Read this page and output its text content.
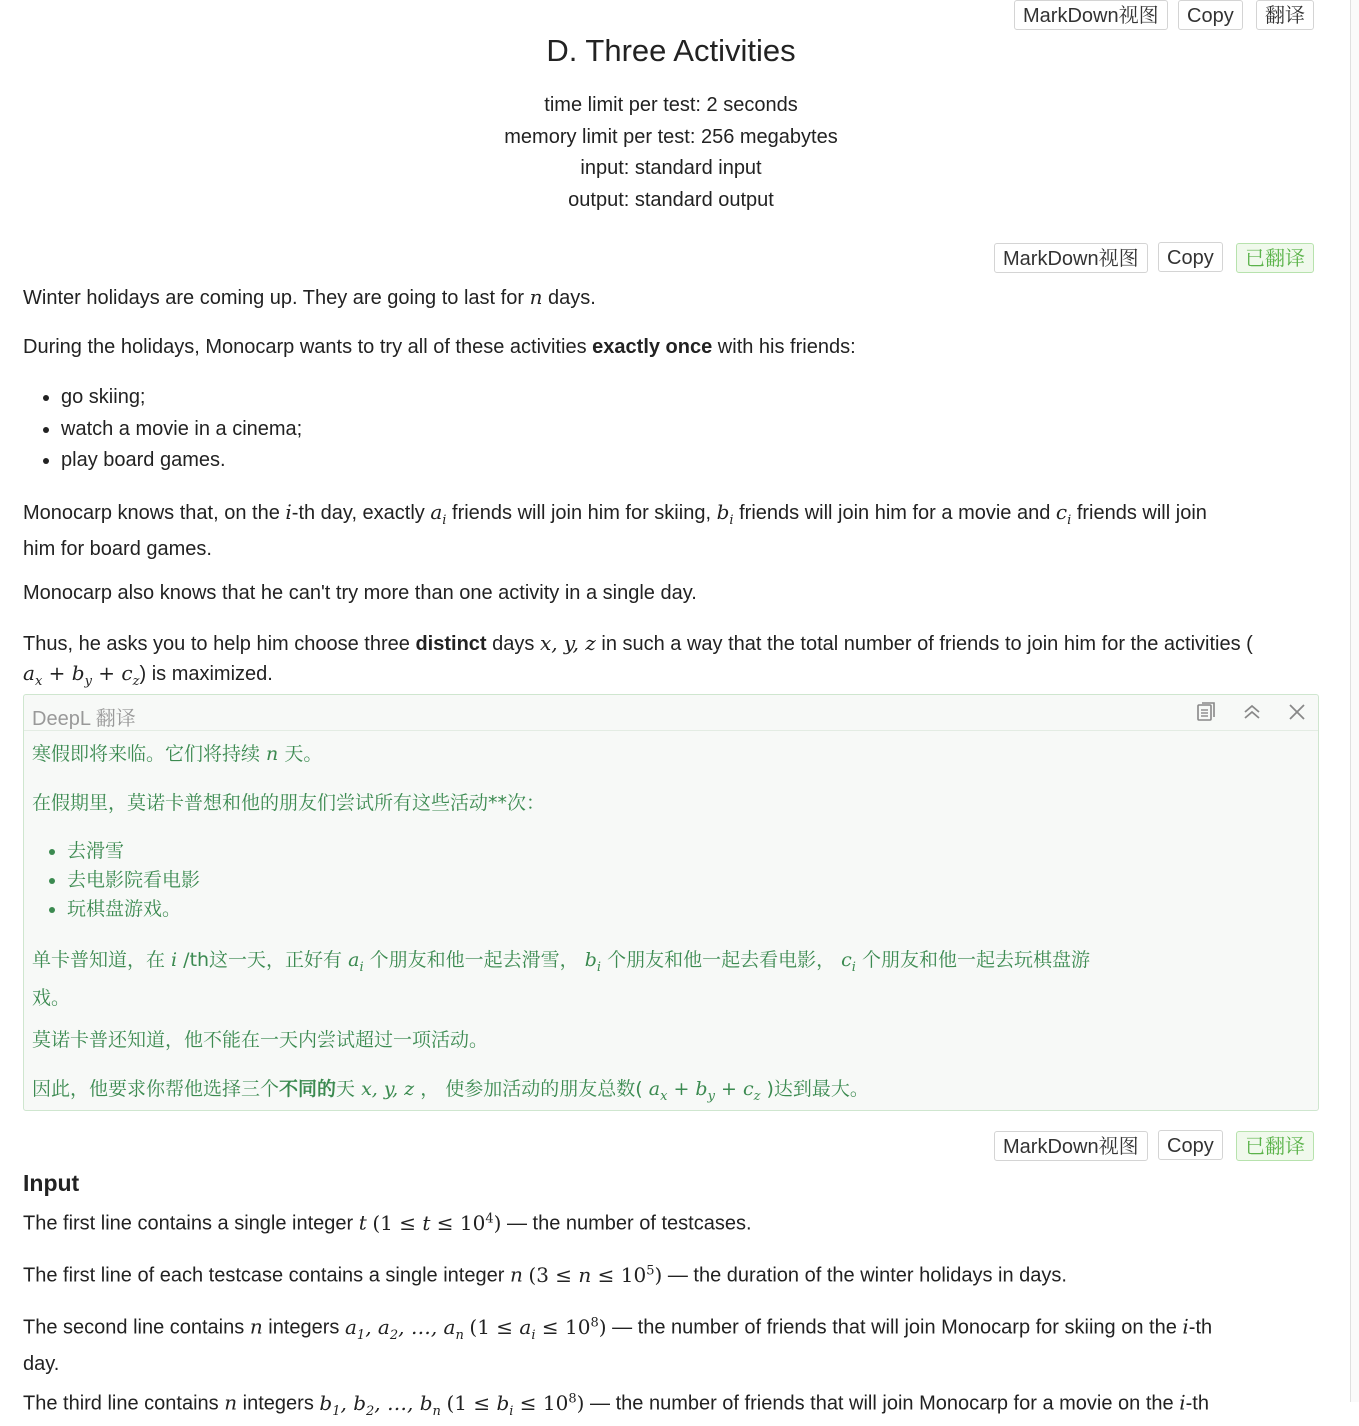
MarkDown视图	Copy	翻译
D. Three Activities
time limit per test: 2 seconds
memory limit per test: 256 megabytes
input: standard input
output: standard output
MarkDown视图	Copy	已翻译
Winter holidays are coming up. They are going to last for n days.
During the holidays, Monocarp wants to try all of these activities exactly once with his friends:
• go skiing;
• watch a movie in a cinema;
• play board games.
Monocarp knows that, on the i-th day, exactly $a_i$ friends will join him for skiing, $b_i$ friends will join him for a movie and $c_i$ friends will join
him for board games.
Monocarp also knows that he can't try more than one activity in a single day.
Thus, he asks you to help him choose three distinct days x, y, z in such a way that the total number of friends to join him for the activities (
$a_x + b_y + c_z$) is maximized.
DeepL 翻译
寒假即将来临。它们将持续 n 天。
在假期里，莫诺卡普想和他的朋友们尝试所有这些活动**次：
• 去滑雪
• 去电影院看电影
• 玩棋盘游戏。
单卡普知道，在 i /th这一天，正好有 $a_i$ 个朋友和他一起去滑雪， $b_i$ 个朋友和他一起去看电影， $c_i$ 个朋友和他一起去玩棋盘游
戏。
莫诺卡普还知道，他不能在一天内尝试超过一项活动。
因此，他要求你帮他选择三个不同的天 x, y, z ， 使参加活动的朋友总数( $a_x + b_y + c_z$ )达到最大。
MarkDown视图	Copy	已翻译
Input
The first line contains a single integer t $(1 \le t \le 10^4)$ — the number of testcases.
The first line of each testcase contains a single integer n $(3 \le n \le 10^5)$ — the duration of the winter holidays in days.
The second line contains n integers $a_1$, $a_2$, …, $a_n$ $(1 \le a_i \le 10^8)$ — the number of friends that will join Monocarp for skiing on the i-th
day.
The third line contains n integers $b_1$, $b_2$, …, $b_n$ $(1 \le b_i \le 10^8)$ — the number of friends that will join Monocarp for a movie on the i-th
